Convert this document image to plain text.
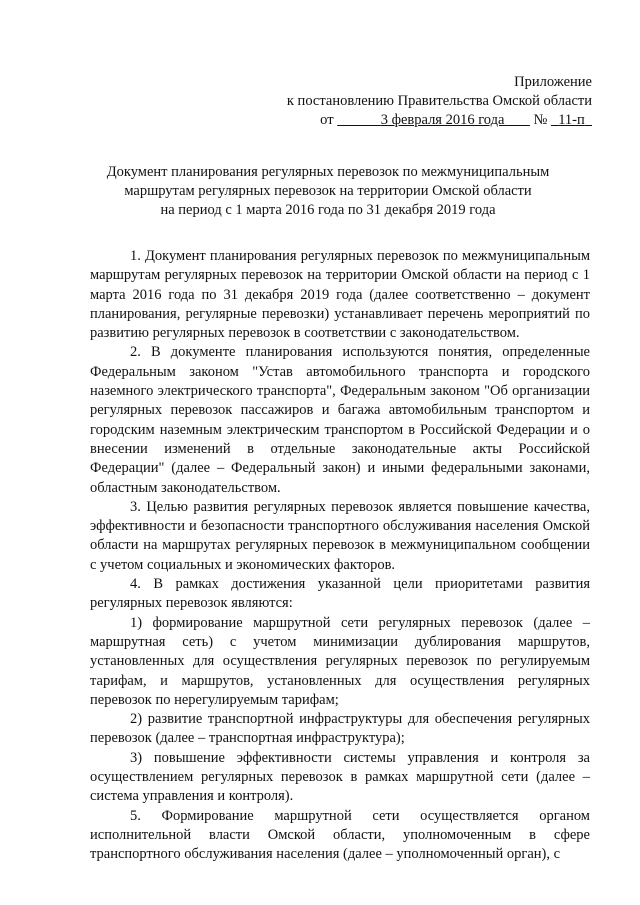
Приложение
к постановлению Правительства Омской области
от	3 февраля 2016 года № 11-п
Документ планирования регулярных перевозок по межмуниципальным
маршрутам регулярных перевозок на территории Омской области
на период с 1 марта 2016 года по 31 декабря 2019 года

1. Документ планирования регулярных перевозок по межмуниципальным маршрутам регулярных перевозок на территории Омской области на период с 1 марта 2016 года по 31 декабря 2019 года (далее соответственно – документ планирования, регулярные перевозки) устанавливает перечень мероприятий по развитию регулярных перевозок в соответствии с законодательством.

2. В документе планирования используются понятия, определенные Федеральным законом "Устав автомобильного транспорта и городского наземного электрического транспорта", Федеральным законом "Об организации регулярных перевозок пассажиров и багажа автомобильным транспортом и городским наземным электрическим транспортом в Российской Федерации и о внесении изменений в отдельные законодательные акты Российской Федерации" (далее – Федеральный закон) и иными федеральными законами, областным законодательством.

3. Целью развития регулярных перевозок является повышение качества, эффективности и безопасности транспортного обслуживания населения Омской области на маршрутах регулярных перевозок в межмуниципальном сообщении с учетом социальных и экономических факторов.

4. В рамках достижения указанной цели приоритетами развития регулярных перевозок являются:

1) формирование маршрутной сети регулярных перевозок (далее – маршрутная сеть) с учетом минимизации дублирования маршрутов, установленных для осуществления регулярных перевозок по регулируемым тарифам, и маршрутов, установленных для осуществления регулярных перевозок по нерегулируемым тарифам;

2) развитие транспортной инфраструктуры для обеспечения регулярных перевозок (далее – транспортная инфраструктура);

3) повышение эффективности системы управления и контроля за осуществлением регулярных перевозок в рамках маршрутной сети (далее – система управления и контроля).

5. Формирование маршрутной сети осуществляется органом исполнительной власти Омской области, уполномоченным в сфере транспортного обслуживания населения (далее – уполномоченный орган), с
